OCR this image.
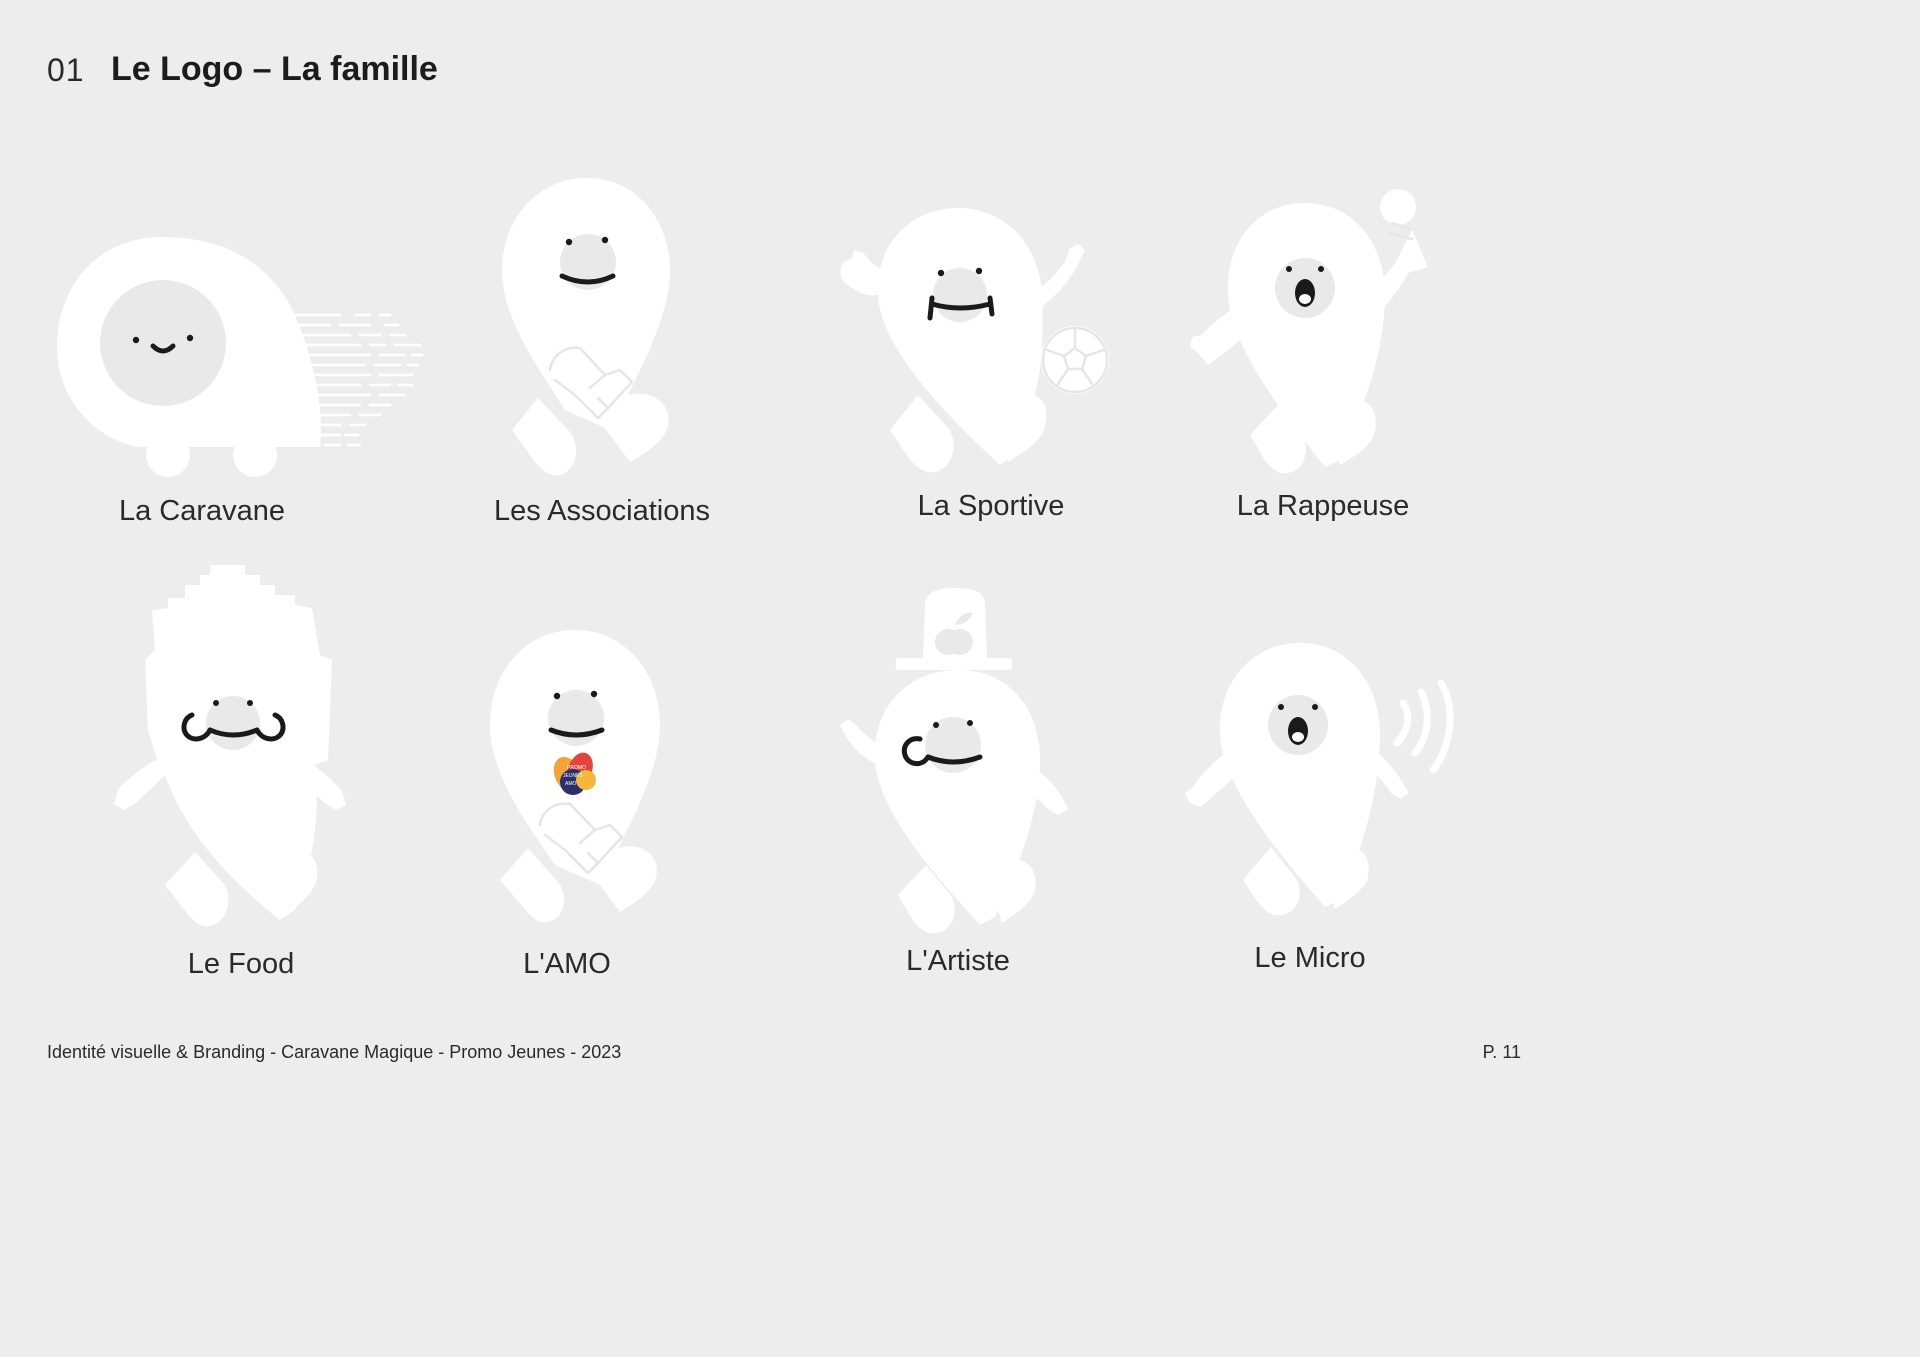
01 Le Logo – La famille
La Caravane	Les Associations	La Sportive	La Rappeuse
Le Food
PROMO
JEUNES
AMO
L'AMO	L'Artiste	Le Micro
Identité visuelle & Branding - Caravane Magique - Promo Jeunes - 2023	P. 11
